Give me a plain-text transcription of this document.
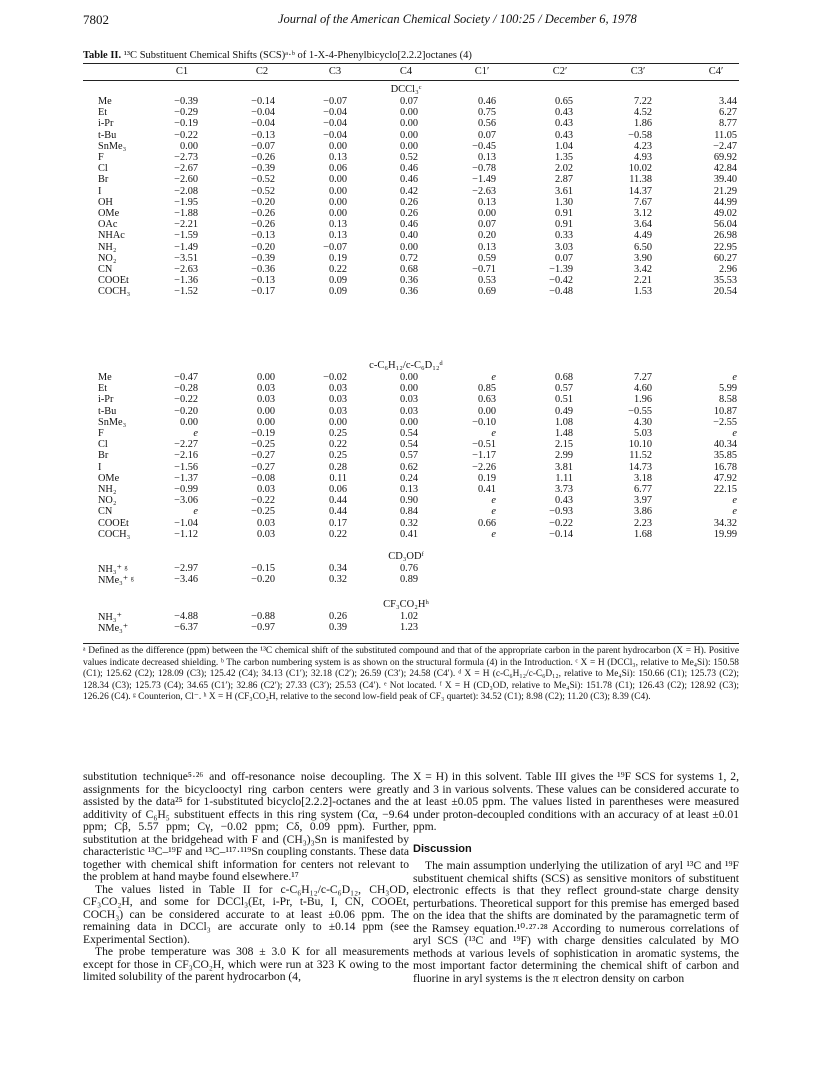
7802	Journal of the American Chemical Society / 100:25 / December 6, 1978
Table II. ¹³C Substituent Chemical Shifts (SCS)ᵃ·ᵇ of 1-X-4-Phenylbicyclo[2.2.2]octanes (4)
C1	C2	C3	C4	C1′	C2′	C3′	C4′
DCCl₃ᶜ
Me	−0.39	−0.14	−0.07	0.07	0.46	0.65	7.22	3.44
Et	−0.29	−0.04	−0.04	0.00	0.75	0.43	4.52	6.27
i-Pr	−0.19	−0.04	−0.04	0.00	0.56	0.43	1.86	8.77
t-Bu	−0.22	−0.13	−0.04	0.00	0.07	0.43	−0.58	11.05
SnMe₃	0.00	−0.07	0.00	0.00	−0.45	1.04	4.23	−2.47
F	−2.73	−0.26	0.13	0.52	0.13	1.35	4.93	69.92
Cl	−2.67	−0.39	0.06	0.46	−0.78	2.02	10.02	42.84
Br	−2.60	−0.52	0.00	0.46	−1.49	2.87	11.38	39.40
I	−2.08	−0.52	0.00	0.42	−2.63	3.61	14.37	21.29
OH	−1.95	−0.20	0.00	0.26	0.13	1.30	7.67	44.99
OMe	−1.88	−0.26	0.00	0.26	0.00	0.91	3.12	49.02
OAc	−2.21	−0.26	0.13	0.46	0.07	0.91	3.64	56.04
NHAc	−1.59	−0.13	0.13	0.40	0.20	0.33	4.49	26.98
NH₂	−1.49	−0.20	−0.07	0.00	0.13	3.03	6.50	22.95
NO₂	−3.51	−0.39	0.19	0.72	0.59	0.07	3.90	60.27
CN	−2.63	−0.36	0.22	0.68	−0.71	−1.39	3.42	2.96
COOEt	−1.36	−0.13	0.09	0.36	0.53	−0.42	2.21	35.53
COCH₃	−1.52	−0.17	0.09	0.36	0.69	−0.48	1.53	20.54
c-C₆H₁₂/c-C₆D₁₂ᵈ
Me	−0.47	0.00	−0.02	0.00	e	0.68	7.27	e
Et	−0.28	0.03	0.03	0.00	0.85	0.57	4.60	5.99
i-Pr	−0.22	0.03	0.03	0.03	0.63	0.51	1.96	8.58
t-Bu	−0.20	0.00	0.03	0.03	0.00	0.49	−0.55	10.87
SnMe₃	0.00	0.00	0.00	0.00	−0.10	1.08	4.30	−2.55
F	e	−0.19	0.25	0.54	e	1.48	5.03	e
Cl	−2.27	−0.25	0.22	0.54	−0.51	2.15	10.10	40.34
Br	−2.16	−0.27	0.25	0.57	−1.17	2.99	11.52	35.85
I	−1.56	−0.27	0.28	0.62	−2.26	3.81	14.73	16.78
OMe	−1.37	−0.08	0.11	0.24	0.19	1.11	3.18	47.92
NH₂	−0.99	0.03	0.06	0.13	0.41	3.73	6.77	22.15
NO₂	−3.06	−0.22	0.44	0.90	e	0.43	3.97	e
CN	e	−0.25	0.44	0.84	e	−0.93	3.86	e
COOEt	−1.04	0.03	0.17	0.32	0.66	−0.22	2.23	34.32
COCH₃	−1.12	0.03	0.22	0.41	e	−0.14	1.68	19.99
CD₃ODᶠ
NH₃⁺ ᵍ	−2.97	−0.15	0.34	0.76
NMe₃⁺ ᵍ	−3.46	−0.20	0.32	0.89
CF₃CO₂Hʰ
NH₃⁺	−4.88	−0.88	0.26	1.02
NMe₃⁺	−6.37	−0.97	0.39	1.23
ᵃ Defined as the difference (ppm) between the ¹³C chemical shift of the substituted compound and that of the appropriate carbon in the parent hydrocarbon (X = H). Positive values indicate decreased shielding. ᵇ The carbon numbering system is as shown on the structural formula (4) in the Introduction. ᶜ X = H (DCCl₃, relative to Me₄Si): 150.58 (C1); 125.62 (C2); 128.09 (C3); 125.42 (C4); 34.13 (C1′); 32.18 (C2′); 26.59 (C3′); 24.58 (C4′). ᵈ X = H (c-C₆H₁₂/c-C₆D₁₂, relative to Me₄Si): 150.66 (C1); 125.73 (C2); 128.34 (C3); 125.73 (C4); 34.65 (C1′); 32.86 (C2′); 27.33 (C3′); 25.53 (C4′). ᵉ Not located. ᶠ X = H (CD₃OD, relative to Me₄Si): 151.78 (C1); 126.43 (C2); 128.92 (C3); 126.26 (C4). ᵍ Counterion, Cl⁻. ʰ X = H (CF₃CO₂H, relative to the second low-field peak of CF₃ quartet): 34.52 (C1); 8.98 (C2); 11.20 (C3); 8.39 (C4).

substitution technique⁵·²⁶ and off-resonance noise decoupling. The assignments for the bicyclooctyl ring carbon centers were greatly assisted by the data²⁵ for 1-substituted bicyclo[2.2.2]-octanes and the additivity of C₆H₅ substituent effects in this ring system (Cα, −9.64 ppm; Cβ, 5.57 ppm; Cγ, −0.02 ppm; Cδ, 0.09 ppm). Further, substitution at the bridgehead with F and (CH₃)₃Sn is manifested by characteristic ¹³C–¹⁹F and ¹³C–¹¹⁷·¹¹⁹Sn coupling constants. These data together with chemical shift information for centers not relevant to the problem at hand maybe found elsewhere.¹⁷

The values listed in Table II for c-C₆H₁₂/c-C₆D₁₂, CH₃OD, CF₃CO₂H, and some for DCCl₃(Et, i-Pr, t-Bu, I, CN, COOEt, COCH₃) can be considered accurate to at least ±0.06 ppm. The remaining data in DCCl₃ are accurate only to ±0.14 ppm (see Experimental Section).

The probe temperature was 308 ± 3.0 K for all measurements except for those in CF₃CO₂H, which were run at 323 K owing to the limited solubility of the parent hydrocarbon (4,

X = H) in this solvent. Table III gives the ¹⁹F SCS for systems 1, 2, and 3 in various solvents. These values can be considered accurate to at least ±0.05 ppm. The values listed in parentheses were measured under proton-decoupled conditions with an accuracy of at least ±0.01 ppm.

Discussion

The main assumption underlying the utilization of aryl ¹³C and ¹⁹F substituent chemical shifts (SCS) as sensitive monitors of substituent electronic effects is that they reflect ground-state charge density perturbations. Theoretical support for this premise has emerged based on the idea that the shifts are dominated by the paramagnetic term of the Ramsey equation.¹⁰·²⁷·²⁸ According to numerous correlations of aryl SCS (¹³C and ¹⁹F) with charge densities calculated by MO methods at various levels of sophistication in aromatic systems, the most important factor determining the chemical shift of carbon and fluorine in aryl systems is the π electron density on carbon
